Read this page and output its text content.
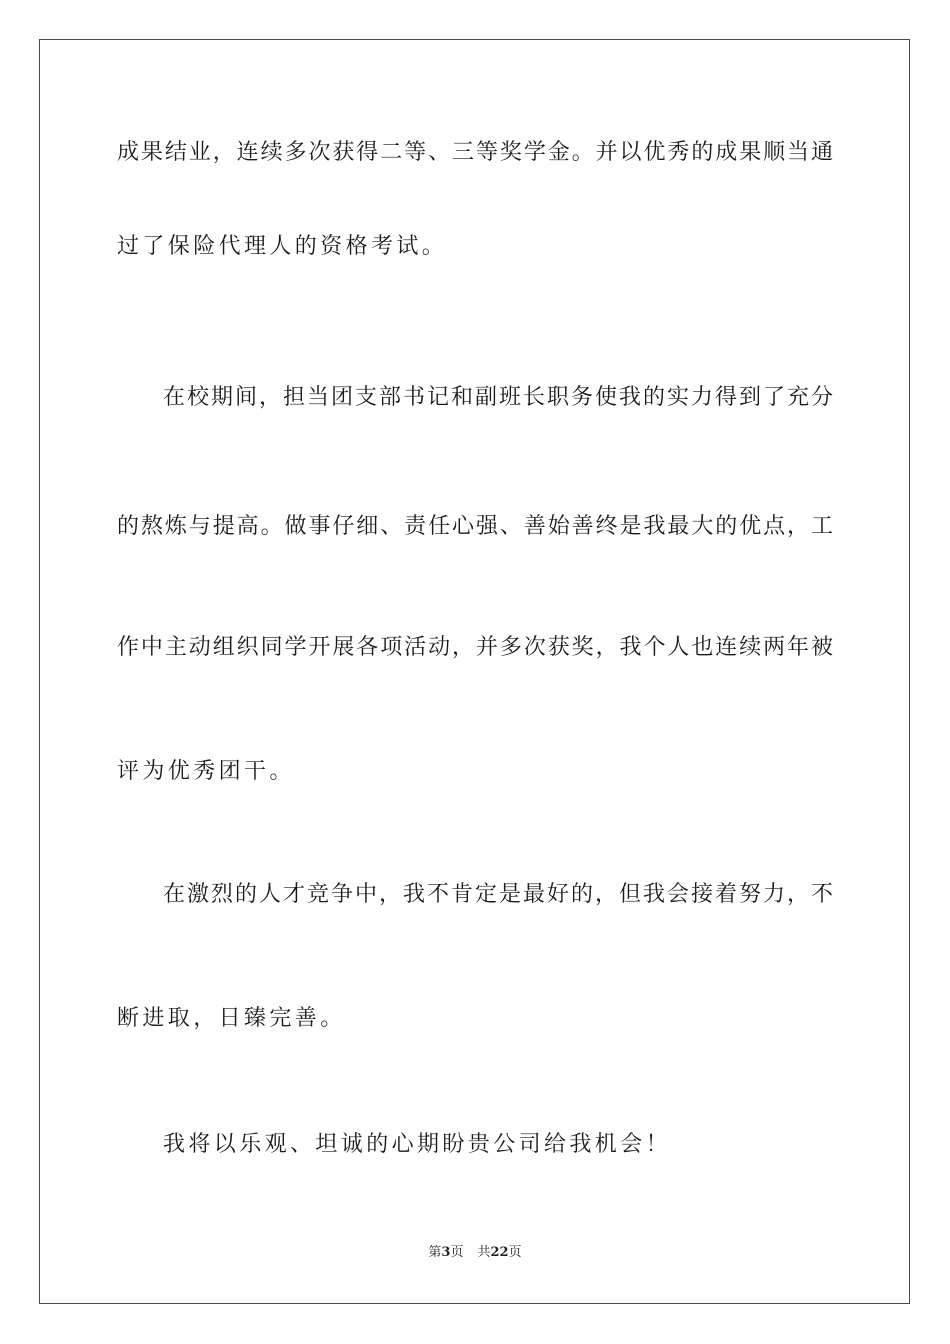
成果结业，连续多次获得二等、三等奖学金。并以优秀的成果顺当通
过了保险代理人的资格考试。
在校期间，担当团支部书记和副班长职务使我的实力得到了充分
的熬炼与提高。做事仔细、责任心强、善始善终是我最大的优点，工
作中主动组织同学开展各项活动，并多次获奖，我个人也连续两年被
评为优秀团干。
在激烈的人才竞争中，我不肯定是最好的，但我会接着努力，不
断进取，日臻完善。
我将以乐观、坦诚的心期盼贵公司给我机会！
第3页 共22页
